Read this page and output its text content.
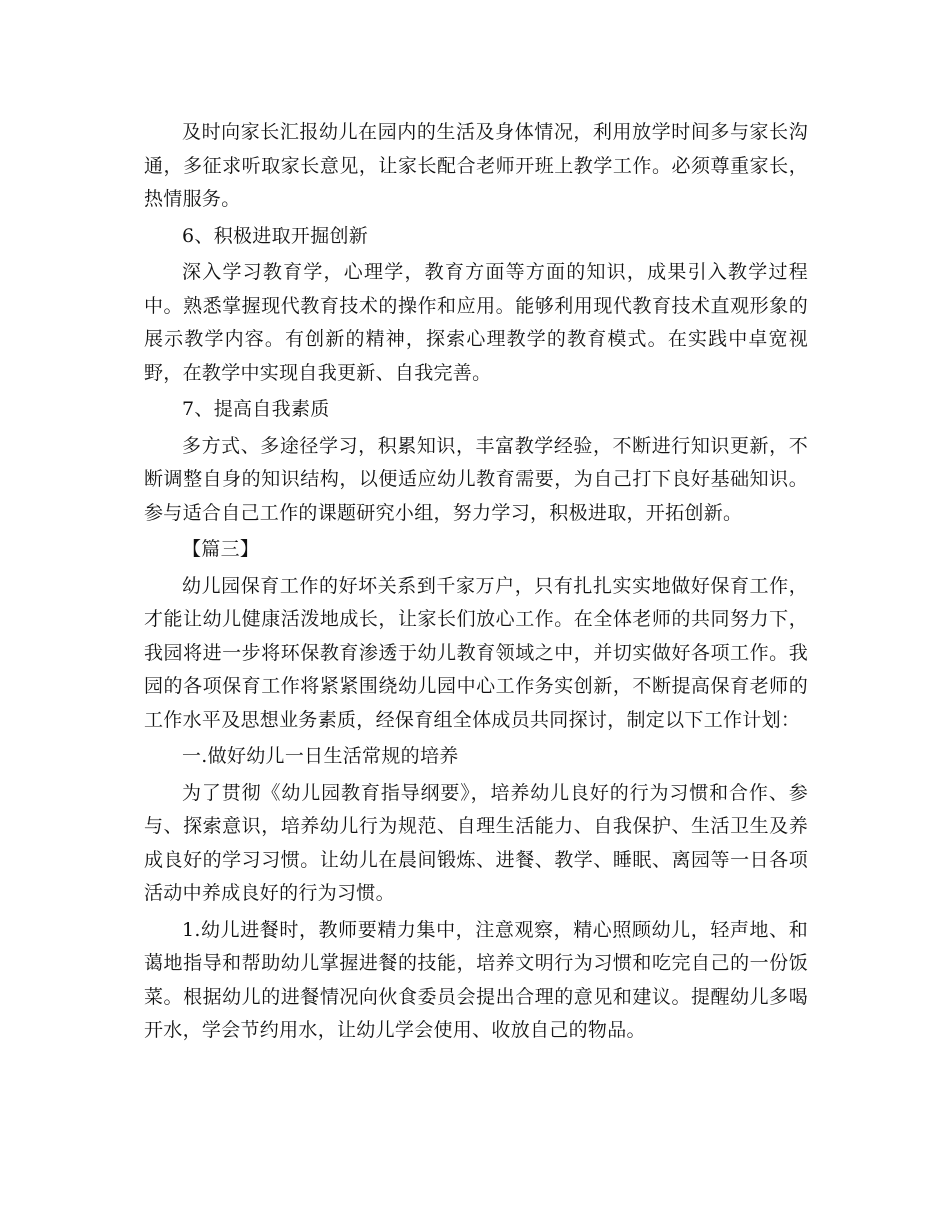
及时向家长汇报幼儿在园内的生活及身体情况，利用放学时间多与家长沟通，多征求听取家长意见，让家长配合老师开班上教学工作。必须尊重家长，热情服务。

6、积极进取开掘创新

深入学习教育学，心理学，教育方面等方面的知识，成果引入教学过程中。熟悉掌握现代教育技术的操作和应用。能够利用现代教育技术直观形象的展示教学内容。有创新的精神，探索心理教学的教育模式。在实践中卓宽视野，在教学中实现自我更新、自我完善。

7、提高自我素质

多方式、多途径学习，积累知识，丰富教学经验，不断进行知识更新，不断调整自身的知识结构，以便适应幼儿教育需要，为自己打下良好基础知识。参与适合自己工作的课题研究小组，努力学习，积极进取，开拓创新。

【篇三】

幼儿园保育工作的好坏关系到千家万户，只有扎扎实实地做好保育工作，才能让幼儿健康活泼地成长，让家长们放心工作。在全体老师的共同努力下，我园将进一步将环保教育渗透于幼儿教育领域之中，并切实做好各项工作。我园的各项保育工作将紧紧围绕幼儿园中心工作务实创新，不断提高保育老师的工作水平及思想业务素质，经保育组全体成员共同探讨，制定以下工作计划：

一.做好幼儿一日生活常规的培养

为了贯彻《幼儿园教育指导纲要》，培养幼儿良好的行为习惯和合作、参与、探索意识，培养幼儿行为规范、自理生活能力、自我保护、生活卫生及养成良好的学习习惯。让幼儿在晨间锻炼、进餐、教学、睡眠、离园等一日各项活动中养成良好的行为习惯。

1.幼儿进餐时，教师要精力集中，注意观察，精心照顾幼儿，轻声地、和蔼地指导和帮助幼儿掌握进餐的技能，培养文明行为习惯和吃完自己的一份饭菜。根据幼儿的进餐情况向伙食委员会提出合理的意见和建议。提醒幼儿多喝开水，学会节约用水，让幼儿学会使用、收放自己的物品。
